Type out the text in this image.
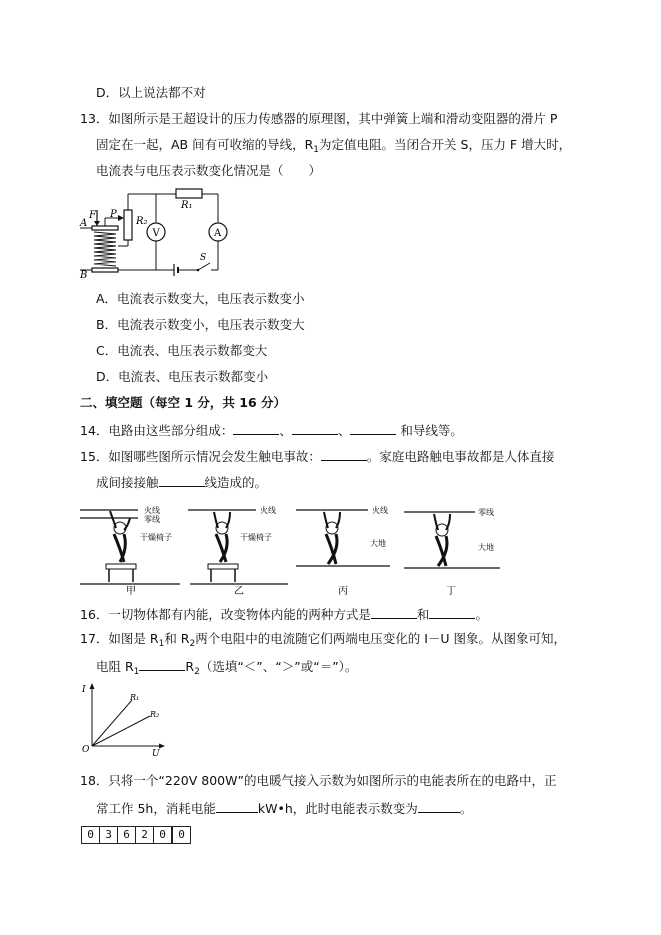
D．以上说法都不对
13．如图所示是王超设计的压力传感器的原理图，其中弹簧上端和滑动变阻器的滑片 P
固定在一起，AB 间有可收缩的导线，$R_1$为定值电阻。当闭合开关 S，压力 F 增大时，
电流表与电压表示数变化情况是（　　）
F P
A
B
R₂
R₁
V	A
S
A．电流表示数变大，电压表示数变小
B．电流表示数变小，电压表示数变大
C．电流表、电压表示数都变大
D．电流表、电压表示数都变小
二、填空题（每空 1 分，共 16 分）
14．电路由这些部分组成：	、	、	和导线等。
15．如图哪些图所示情况会发生触电事故：	。家庭电路触电事故都是人体直接
成间接接触	线造成的。
火线
零线
干燥椅子
火线
干燥椅子
火线
大地
零线
大地
甲	乙	丙	丁
16．一切物体都有内能，改变物体内能的两种方式是	和	。
17．如图是 $R_1$和 $R_2$两个电阻中的电流随它们两端电压变化的 I－U 图象。从图象可知，
电阻 $R_1$	$R_2$（选填“＜”、“＞”或“＝”）。
I
U
O
R₁
R₂
18．只将一个“220V 800W”的电暖气接入示数为如图所示的电能表所在的电路中，正
常工作 5h，消耗电能	kW•h，此时电能表示数变为	。
0	3	6	2	0	0
